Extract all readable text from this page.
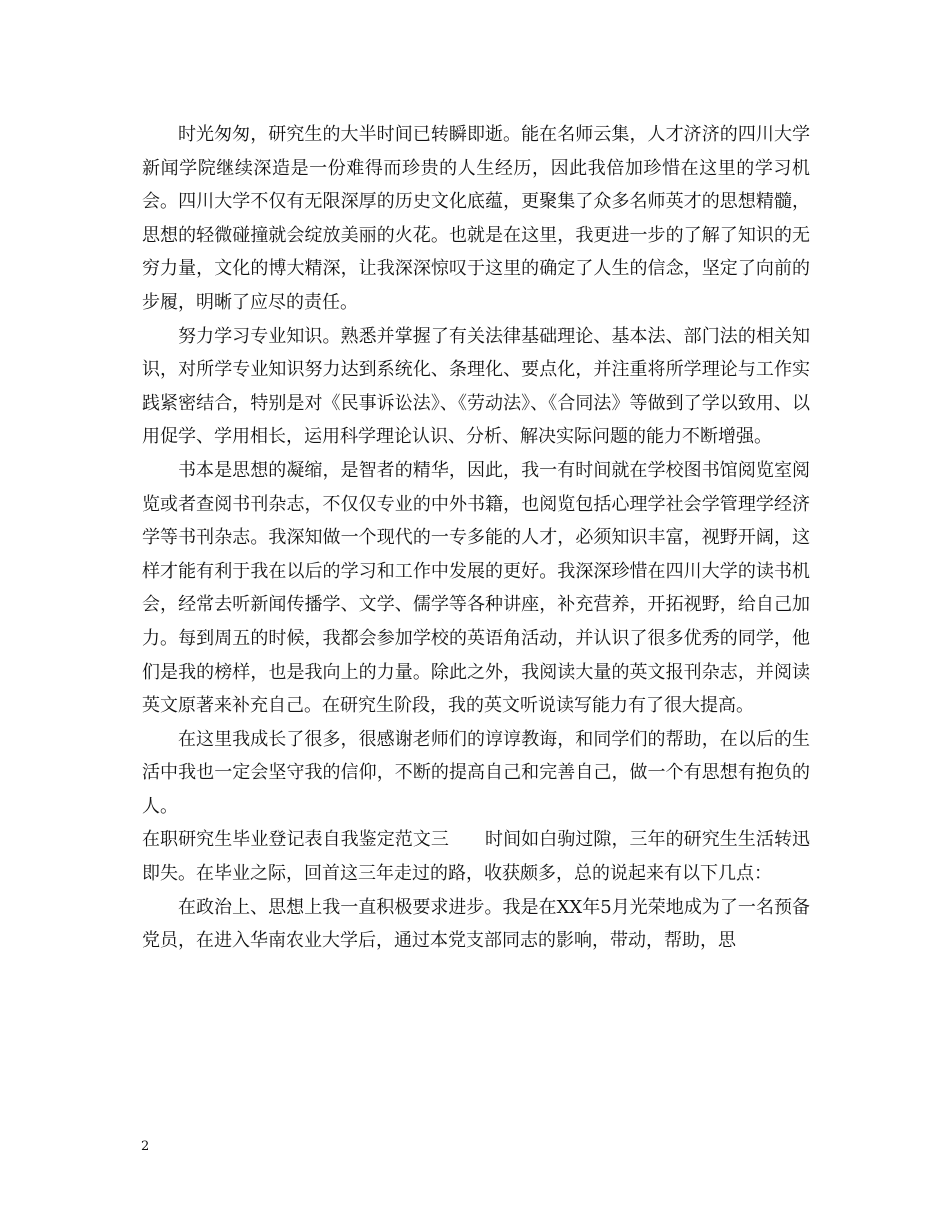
时光匆匆，研究生的大半时间已转瞬即逝。能在名师云集，人才济济的四川大学新闻学院继续深造是一份难得而珍贵的人生经历，因此我倍加珍惜在这里的学习机会。四川大学不仅有无限深厚的历史文化底蕴，更聚集了众多名师英才的思想精髓，思想的轻微碰撞就会绽放美丽的火花。也就是在这里，我更进一步的了解了知识的无穷力量，文化的博大精深，让我深深惊叹于这里的确定了人生的信念，坚定了向前的步履，明晰了应尽的责任。

努力学习专业知识。熟悉并掌握了有关法律基础理论、基本法、部门法的相关知识，对所学专业知识努力达到系统化、条理化、要点化，并注重将所学理论与工作实践紧密结合，特别是对《民事诉讼法》、《劳动法》、《合同法》等做到了学以致用、以用促学、学用相长，运用科学理论认识、分析、解决实际问题的能力不断增强。

书本是思想的凝缩，是智者的精华，因此，我一有时间就在学校图书馆阅览室阅览或者查阅书刊杂志，不仅仅专业的中外书籍，也阅览包括心理学社会学管理学经济学等书刊杂志。我深知做一个现代的一专多能的人才，必须知识丰富，视野开阔，这样才能有利于我在以后的学习和工作中发展的更好。我深深珍惜在四川大学的读书机会，经常去听新闻传播学、文学、儒学等各种讲座，补充营养，开拓视野，给自己加力。每到周五的时候，我都会参加学校的英语角活动，并认识了很多优秀的同学，他们是我的榜样，也是我向上的力量。除此之外，我阅读大量的英文报刊杂志，并阅读英文原著来补充自己。在研究生阶段，我的英文听说读写能力有了很大提高。

在这里我成长了很多，很感谢老师们的谆谆教诲，和同学们的帮助，在以后的生活中我也一定会坚守我的信仰，不断的提高自己和完善自己，做一个有思想有抱负的人。

在职研究生毕业登记表自我鉴定范文三　　时间如白驹过隙，三年的研究生生活转迅即失。在毕业之际，回首这三年走过的路，收获颇多，总的说起来有以下几点：

在政治上、思想上我一直积极要求进步。我是在XX年5月光荣地成为了一名预备党员，在进入华南农业大学后，通过本党支部同志的影响，带动，帮助，思

2
